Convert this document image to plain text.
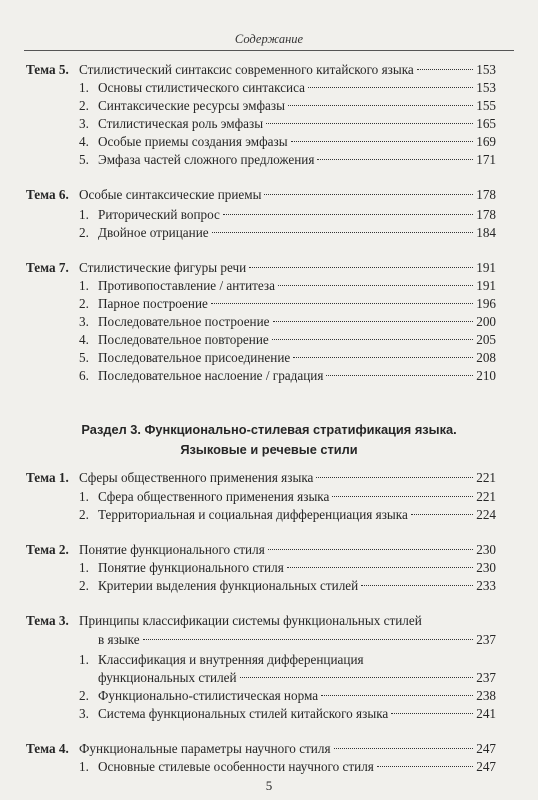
Содержание
Тема 5. Стилистический синтаксис современного китайского языка	153
1. Основы стилистического синтаксиса	153
2. Синтаксические ресурсы эмфазы	155
3. Стилистическая роль эмфазы	165
4. Особые приемы создания эмфазы	169
5. Эмфаза частей сложного предложения	171
Тема 6. Особые синтаксические приемы	178
1. Риторический вопрос	178
2. Двойное отрицание	184
Тема 7. Стилистические фигуры речи	191
1. Противопоставление / антитеза	191
2. Парное построение	196
3. Последовательное построение	200
4. Последовательное повторение	205
5. Последовательное присоединение	208
6. Последовательное наслоение / градация	210
Тема 1. Сферы общественного применения языка	221
1. Сфера общественного применения языка	221
2. Территориальная и социальная дифференциация языка	224
Тема 2. Понятие функционального стиля	230
1. Понятие функционального стиля	230
2. Критерии выделения функциональных стилей	233
Тема 3. Принципы классификации системы функциональных стилей
в языке	237
1. Классификация и внутренняя дифференциация
функциональных стилей	237
2. Функционально-стилистическая норма	238
3. Система функциональных стилей китайского языка	241
Тема 4. Функциональные параметры научного стиля	247
1. Основные стилевые особенности научного стиля	247
Раздел 3. Функционально-стилевая стратификация языка.
Языковые и речевые стили
5
